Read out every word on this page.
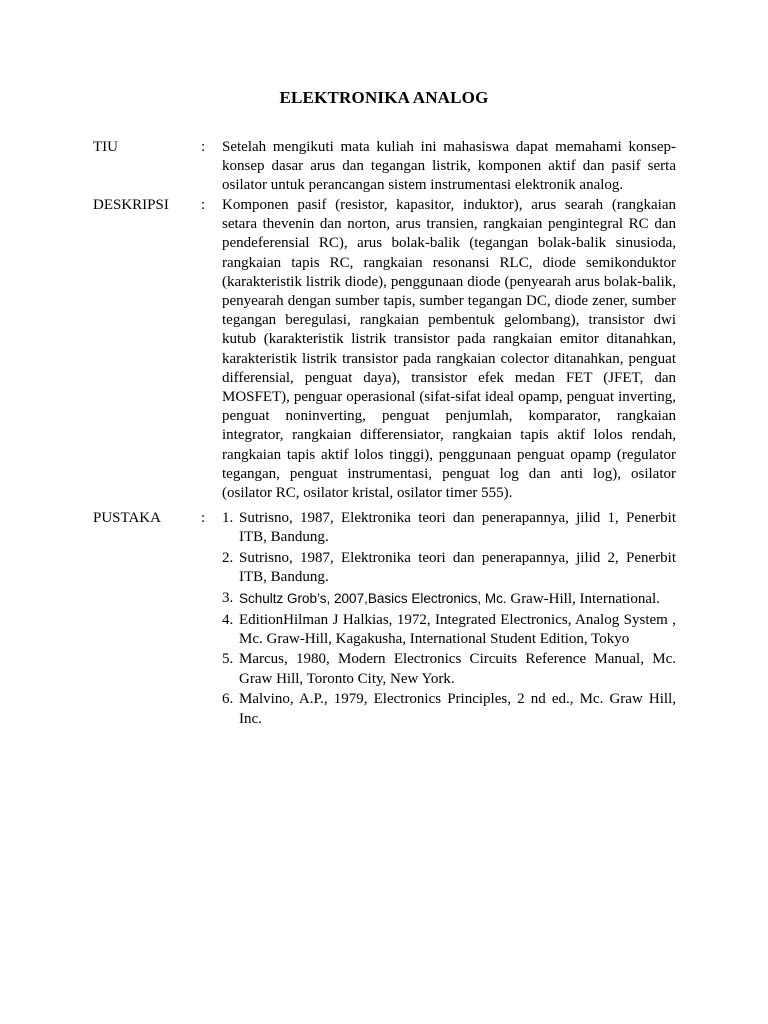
ELEKTRONIKA ANALOG
TIU	: Setelah mengikuti mata kuliah ini mahasiswa dapat memahami konsep-konsep dasar arus dan tegangan listrik, komponen aktif dan pasif serta osilator untuk perancangan sistem instrumentasi elektronik analog.
DESKRIPSI : Komponen pasif (resistor, kapasitor, induktor), arus searah (rangkaian setara thevenin dan norton, arus transien, rangkaian pengintegral RC dan pendeferensial RC), arus bolak-balik (tegangan bolak-balik sinusioda, rangkaian tapis RC, rangkaian resonansi RLC, diode semikonduktor (karakteristik listrik diode), penggunaan diode (penyearah arus bolak-balik, penyearah dengan sumber tapis, sumber tegangan DC, diode zener, sumber tegangan beregulasi, rangkaian pembentuk gelombang), transistor dwi kutub (karakteristik listrik transistor pada rangkaian emitor ditanahkan, karakteristik listrik transistor pada rangkaian colector ditanahkan, penguat differensial, penguat daya), transistor efek medan FET (JFET, dan MOSFET), penguar operasional (sifat-sifat ideal opamp, penguat inverting, penguat noninverting, penguat penjumlah, komparator, rangkaian integrator, rangkaian differensiator, rangkaian tapis aktif lolos rendah, rangkaian tapis aktif lolos tinggi), penggunaan penguat opamp (regulator tegangan, penguat instrumentasi, penguat log dan anti log), osilator (osilator RC, osilator kristal, osilator timer 555).
PUSTAKA	: 1. Sutrisno, 1987, Elektronika teori dan penerapannya, jilid 1, Penerbit ITB, Bandung.
2. Sutrisno, 1987, Elektronika teori dan penerapannya, jilid 2, Penerbit ITB, Bandung.
3. Schultz Grob’s, 2007,Basics Electronics, Mc. Graw-Hill, International.
4. EditionHilman J Halkias, 1972, Integrated Electronics, Analog System , Mc. Graw-Hill, Kagakusha, International Student Edition, Tokyo
5. Marcus, 1980, Modern Electronics Circuits Reference Manual, Mc. Graw Hill, Toronto City, New York.
6. Malvino, A.P., 1979, Electronics Principles, 2 nd ed., Mc. Graw Hill, Inc.
